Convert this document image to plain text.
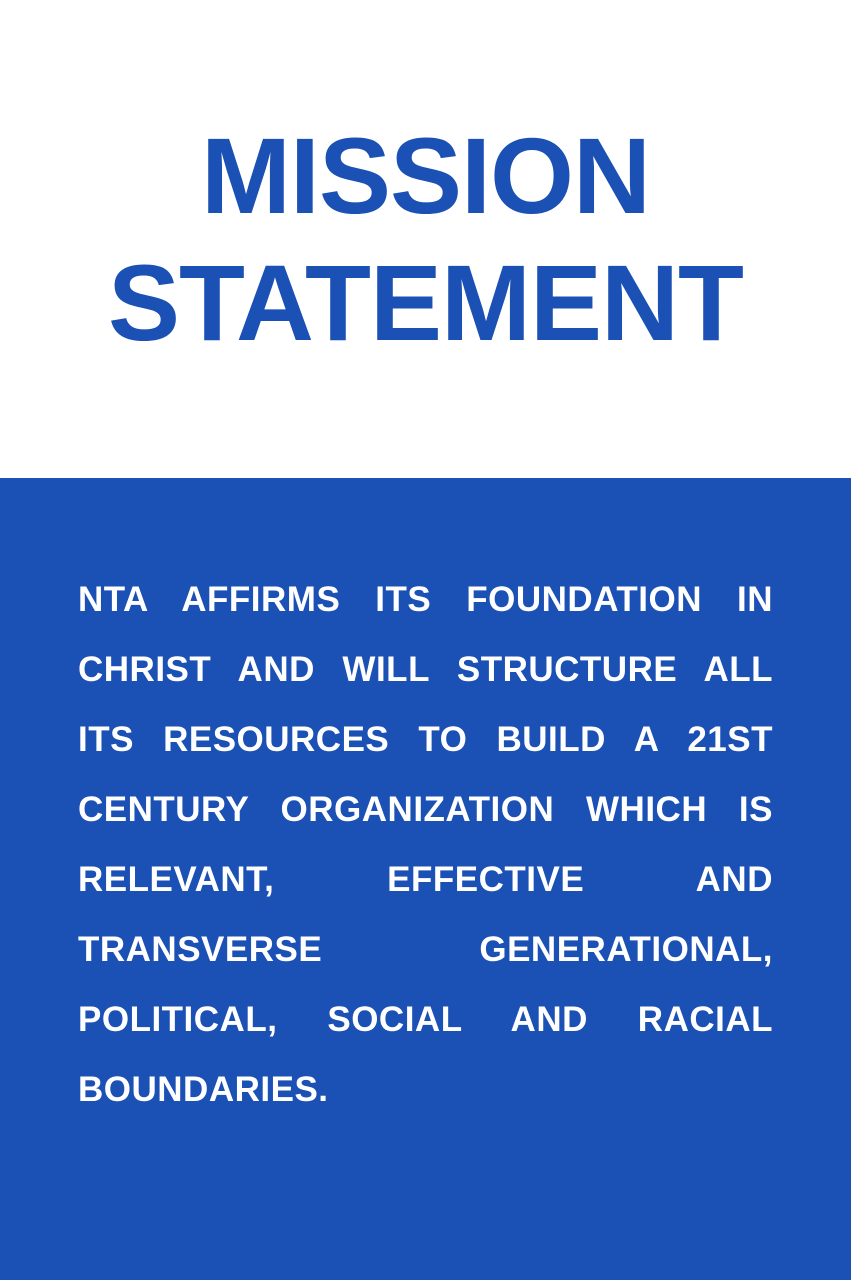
MISSION
STATEMENT

NTA AFFIRMS ITS FOUNDATION IN CHRIST AND WILL STRUCTURE ALL ITS RESOURCES TO BUILD A 21ST CENTURY ORGANIZATION WHICH IS RELEVANT, EFFECTIVE AND TRANSVERSE GENERATIONAL, POLITICAL, SOCIAL AND RACIAL BOUNDARIES.
